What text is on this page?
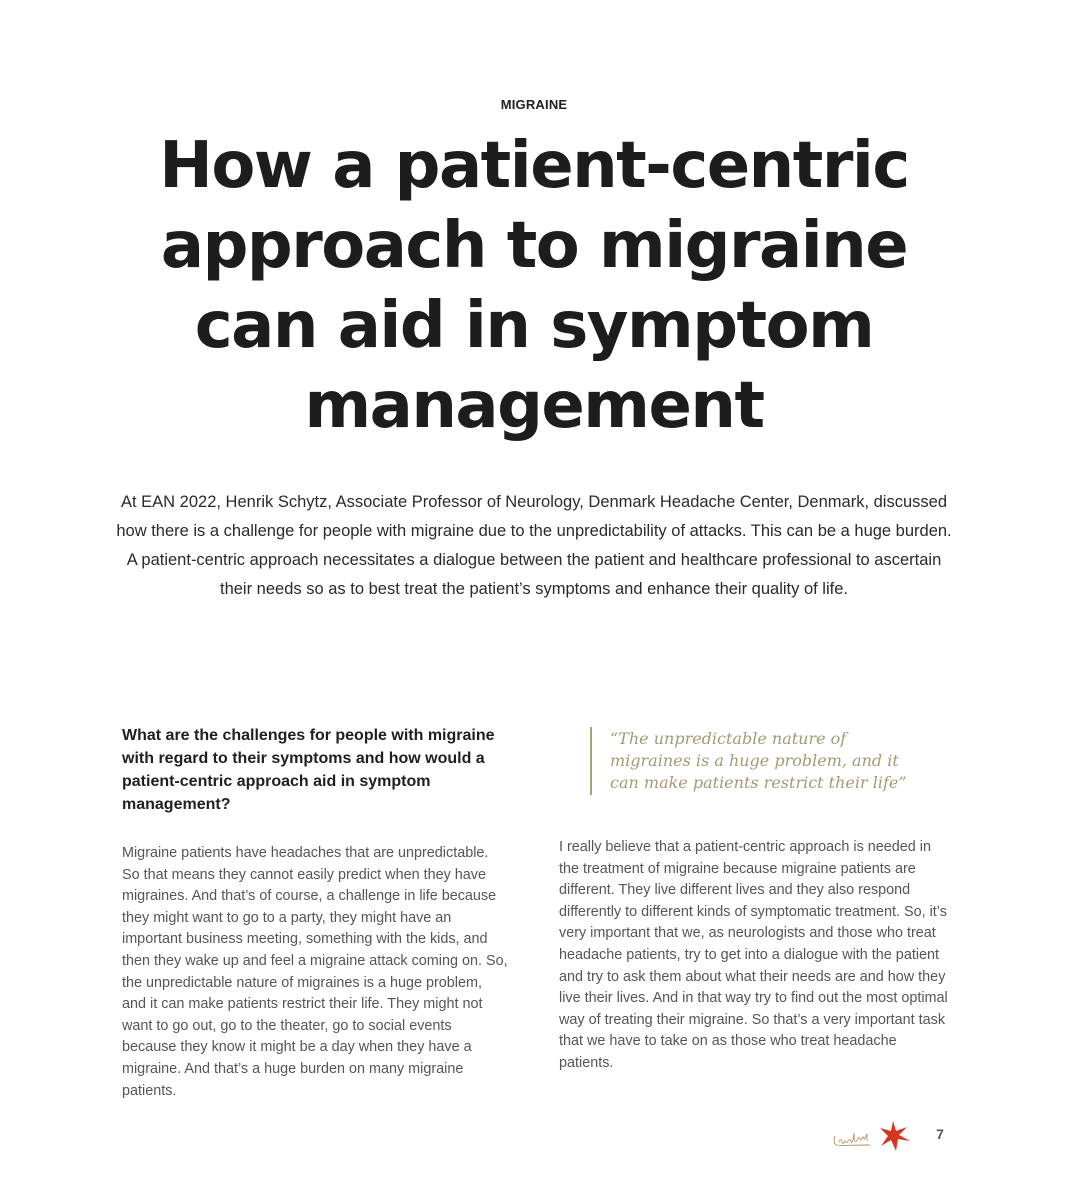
MIGRAINE
How a patient-centric approach to migraine can aid in symptom management

At EAN 2022, Henrik Schytz, Associate Professor of Neurology, Denmark Headache Center, Denmark, discussed how there is a challenge for people with migraine due to the unpredictability of attacks. This can be a huge burden. A patient-centric approach necessitates a dialogue between the patient and healthcare professional to ascertain their needs so as to best treat the patient’s symptoms and enhance their quality of life.

What are the challenges for people with migraine with regard to their symptoms and how would a patient-centric approach aid in symptom management?

Migraine patients have headaches that are unpredictable. So that means they cannot easily predict when they have migraines. And that’s of course, a challenge in life because they might want to go to a party, they might have an important business meeting, something with the kids, and then they wake up and feel a migraine attack coming on. So, the unpredictable nature of migraines is a huge problem, and it can make patients restrict their life. They might not want to go out, go to the theater, go to social events because they know it might be a day when they have a migraine. And that’s a huge burden on many migraine patients.

“The unpredictable nature of migraines is a huge problem, and it can make patients restrict their life”

I really believe that a patient-centric approach is needed in the treatment of migraine because migraine patients are different. They live different lives and they also respond differently to different kinds of symptomatic treatment. So, it’s very important that we, as neurologists and those who treat headache patients, try to get into a dialogue with the patient and try to ask them about what their needs are and how they live their lives. And in that way try to find out the most optimal way of treating their migraine. So that’s a very important task that we have to take on as those who treat headache patients.

7
